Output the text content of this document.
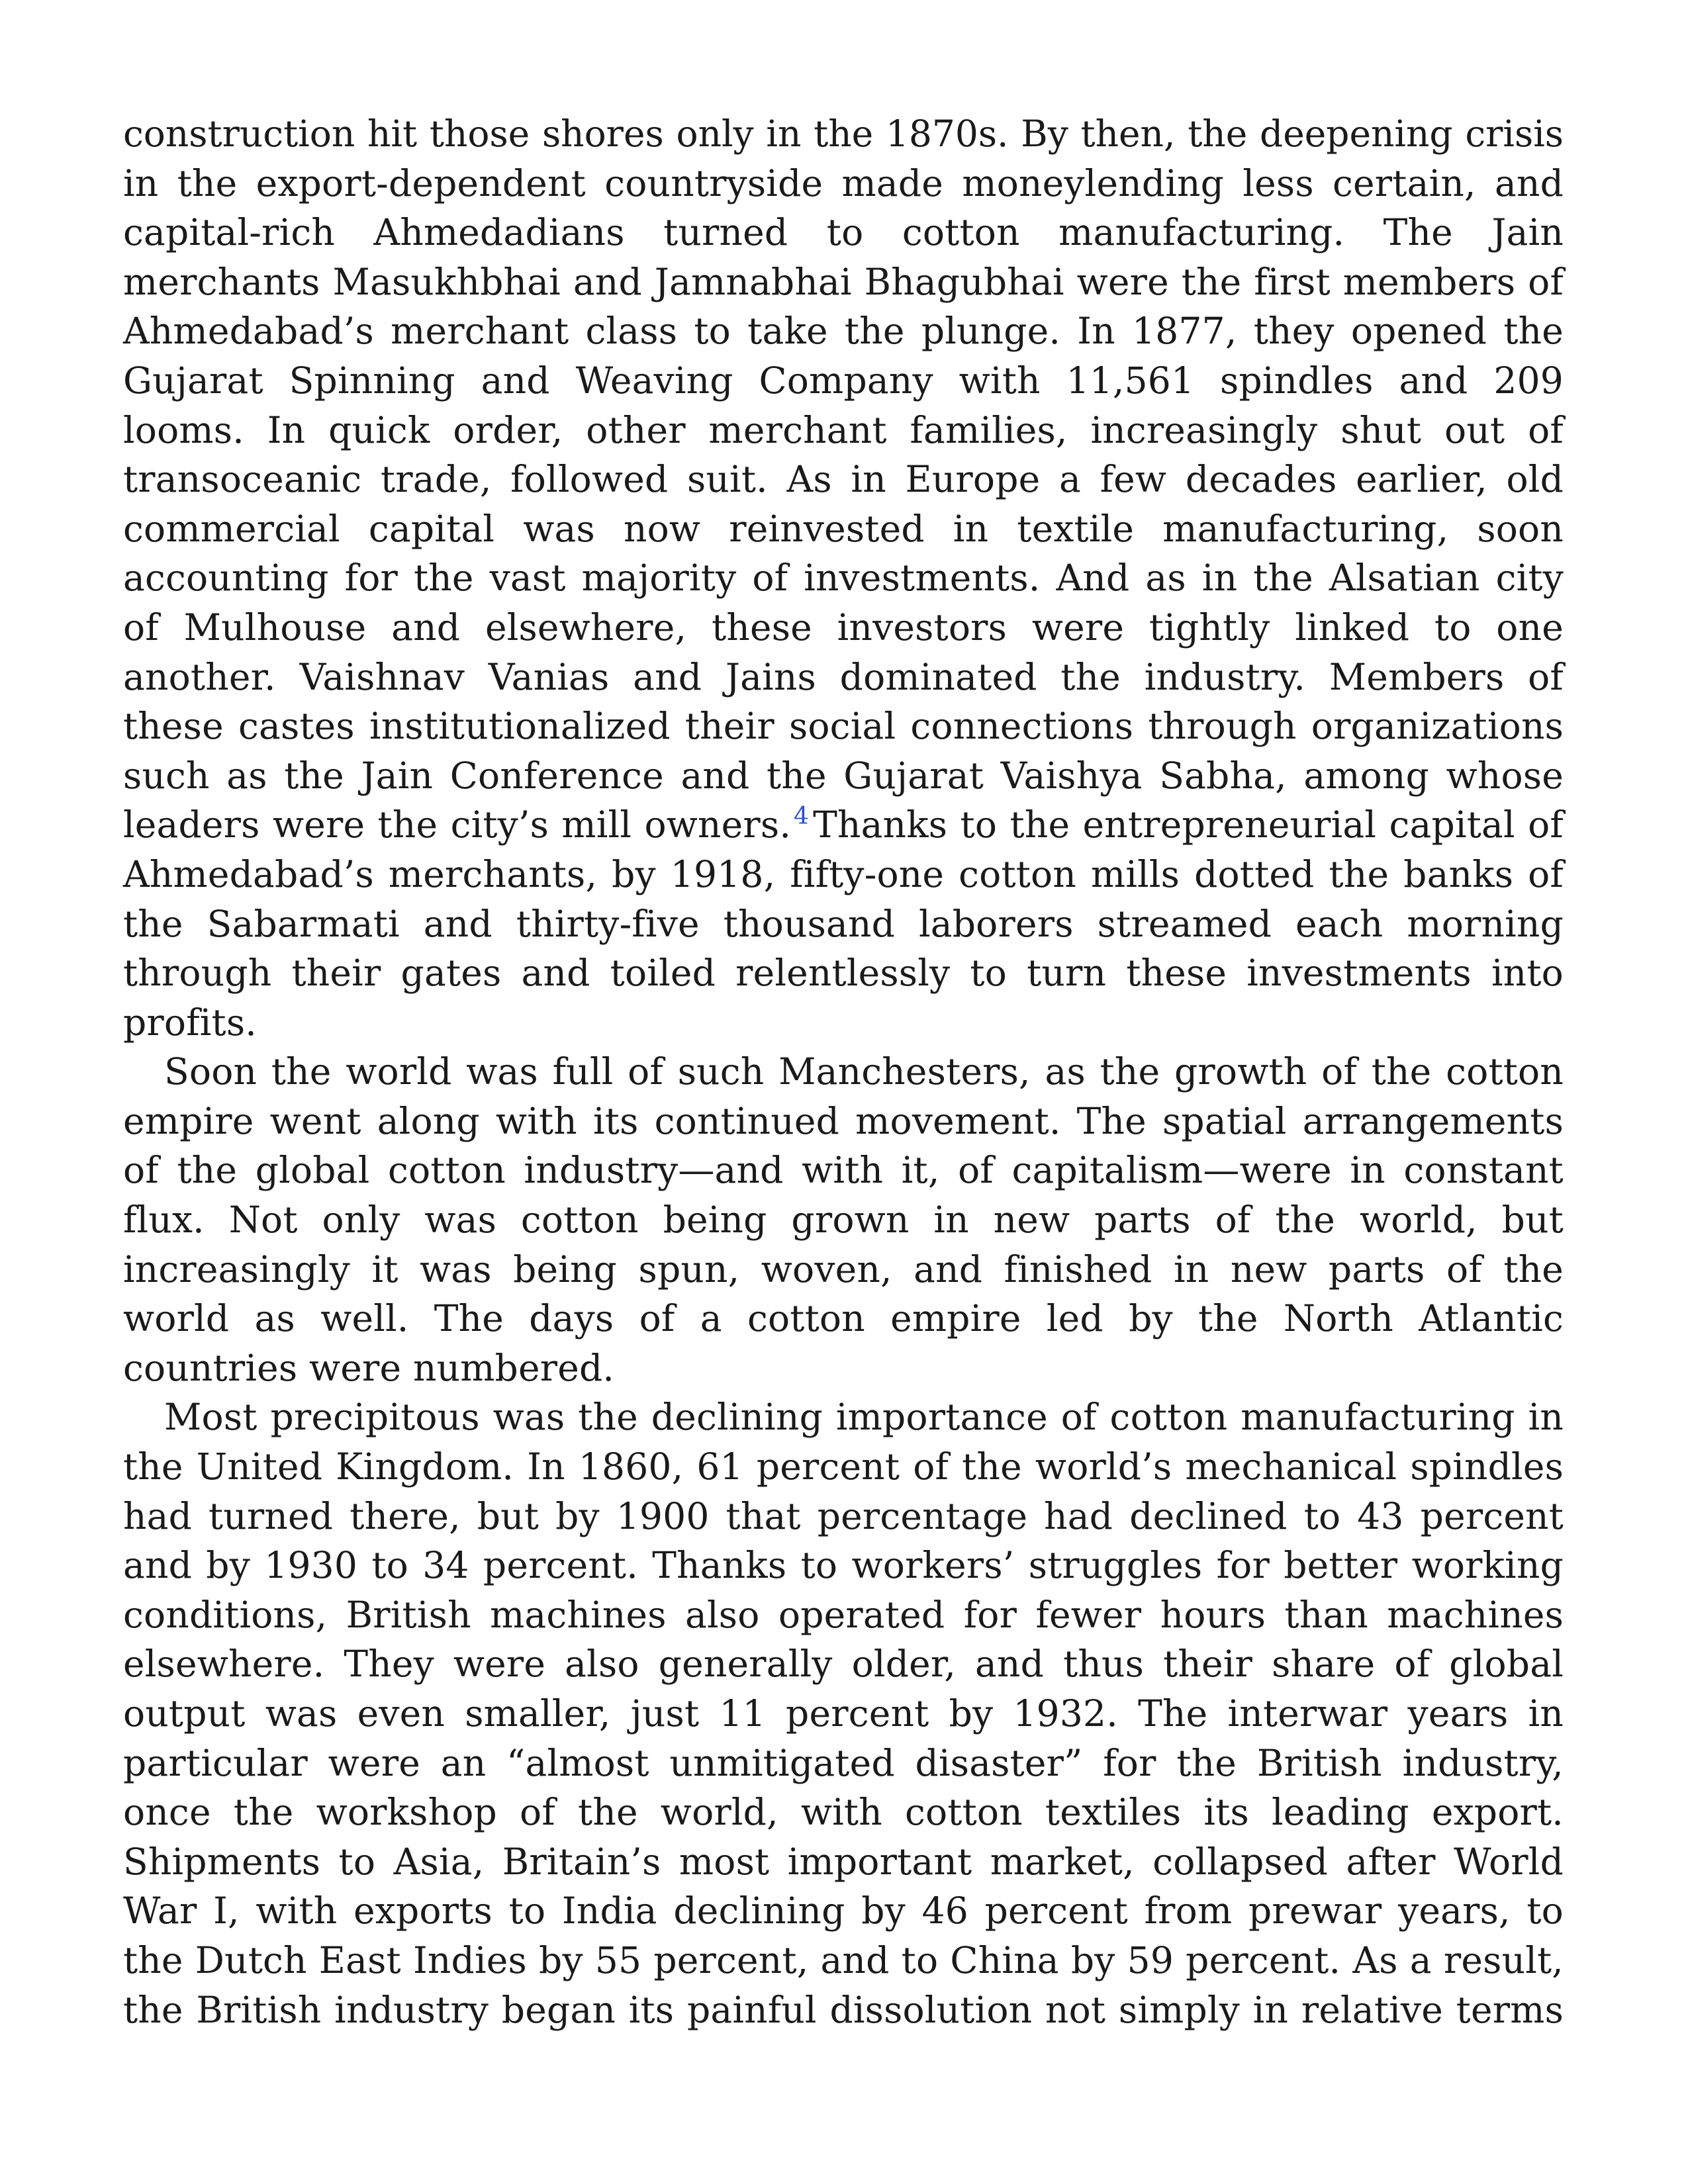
construction hit those shores only in the 1870s. By then, the deepening crisis
in the export-dependent countryside made moneylending less certain, and
capital-rich Ahmedadians turned to cotton manufacturing. The Jain
merchants Masukhbhai and Jamnabhai Bhagubhai were the first members of
Ahmedabad’s merchant class to take the plunge. In 1877, they opened the
Gujarat Spinning and Weaving Company with 11,561 spindles and 209
looms. In quick order, other merchant families, increasingly shut out of
transoceanic trade, followed suit. As in Europe a few decades earlier, old
commercial capital was now reinvested in textile manufacturing, soon
accounting for the vast majority of investments. And as in the Alsatian city
of Mulhouse and elsewhere, these investors were tightly linked to one
another. Vaishnav Vanias and Jains dominated the industry. Members of
these castes institutionalized their social connections through organizations
such as the Jain Conference and the Gujarat Vaishya Sabha, among whose
leaders were the city’s mill owners. $^4$ Thanks to the entrepreneurial capital of
Ahmedabad’s merchants, by 1918, fifty-one cotton mills dotted the banks of
the Sabarmati and thirty-five thousand laborers streamed each morning
through their gates and toiled relentlessly to turn these investments into
profits.
Soon the world was full of such Manchesters, as the growth of the cotton
empire went along with its continued movement. The spatial arrangements
of the global cotton industry—and with it, of capitalism—were in constant
flux. Not only was cotton being grown in new parts of the world, but
increasingly it was being spun, woven, and finished in new parts of the
world as well. The days of a cotton empire led by the North Atlantic
countries were numbered.
Most precipitous was the declining importance of cotton manufacturing in
the United Kingdom. In 1860, 61 percent of the world’s mechanical spindles
had turned there, but by 1900 that percentage had declined to 43 percent
and by 1930 to 34 percent. Thanks to workers’ struggles for better working
conditions, British machines also operated for fewer hours than machines
elsewhere. They were also generally older, and thus their share of global
output was even smaller, just 11 percent by 1932. The interwar years in
particular were an “almost unmitigated disaster” for the British industry,
once the workshop of the world, with cotton textiles its leading export.
Shipments to Asia, Britain’s most important market, collapsed after World
War I, with exports to India declining by 46 percent from prewar years, to
the Dutch East Indies by 55 percent, and to China by 59 percent. As a result,
the British industry began its painful dissolution not simply in relative terms
